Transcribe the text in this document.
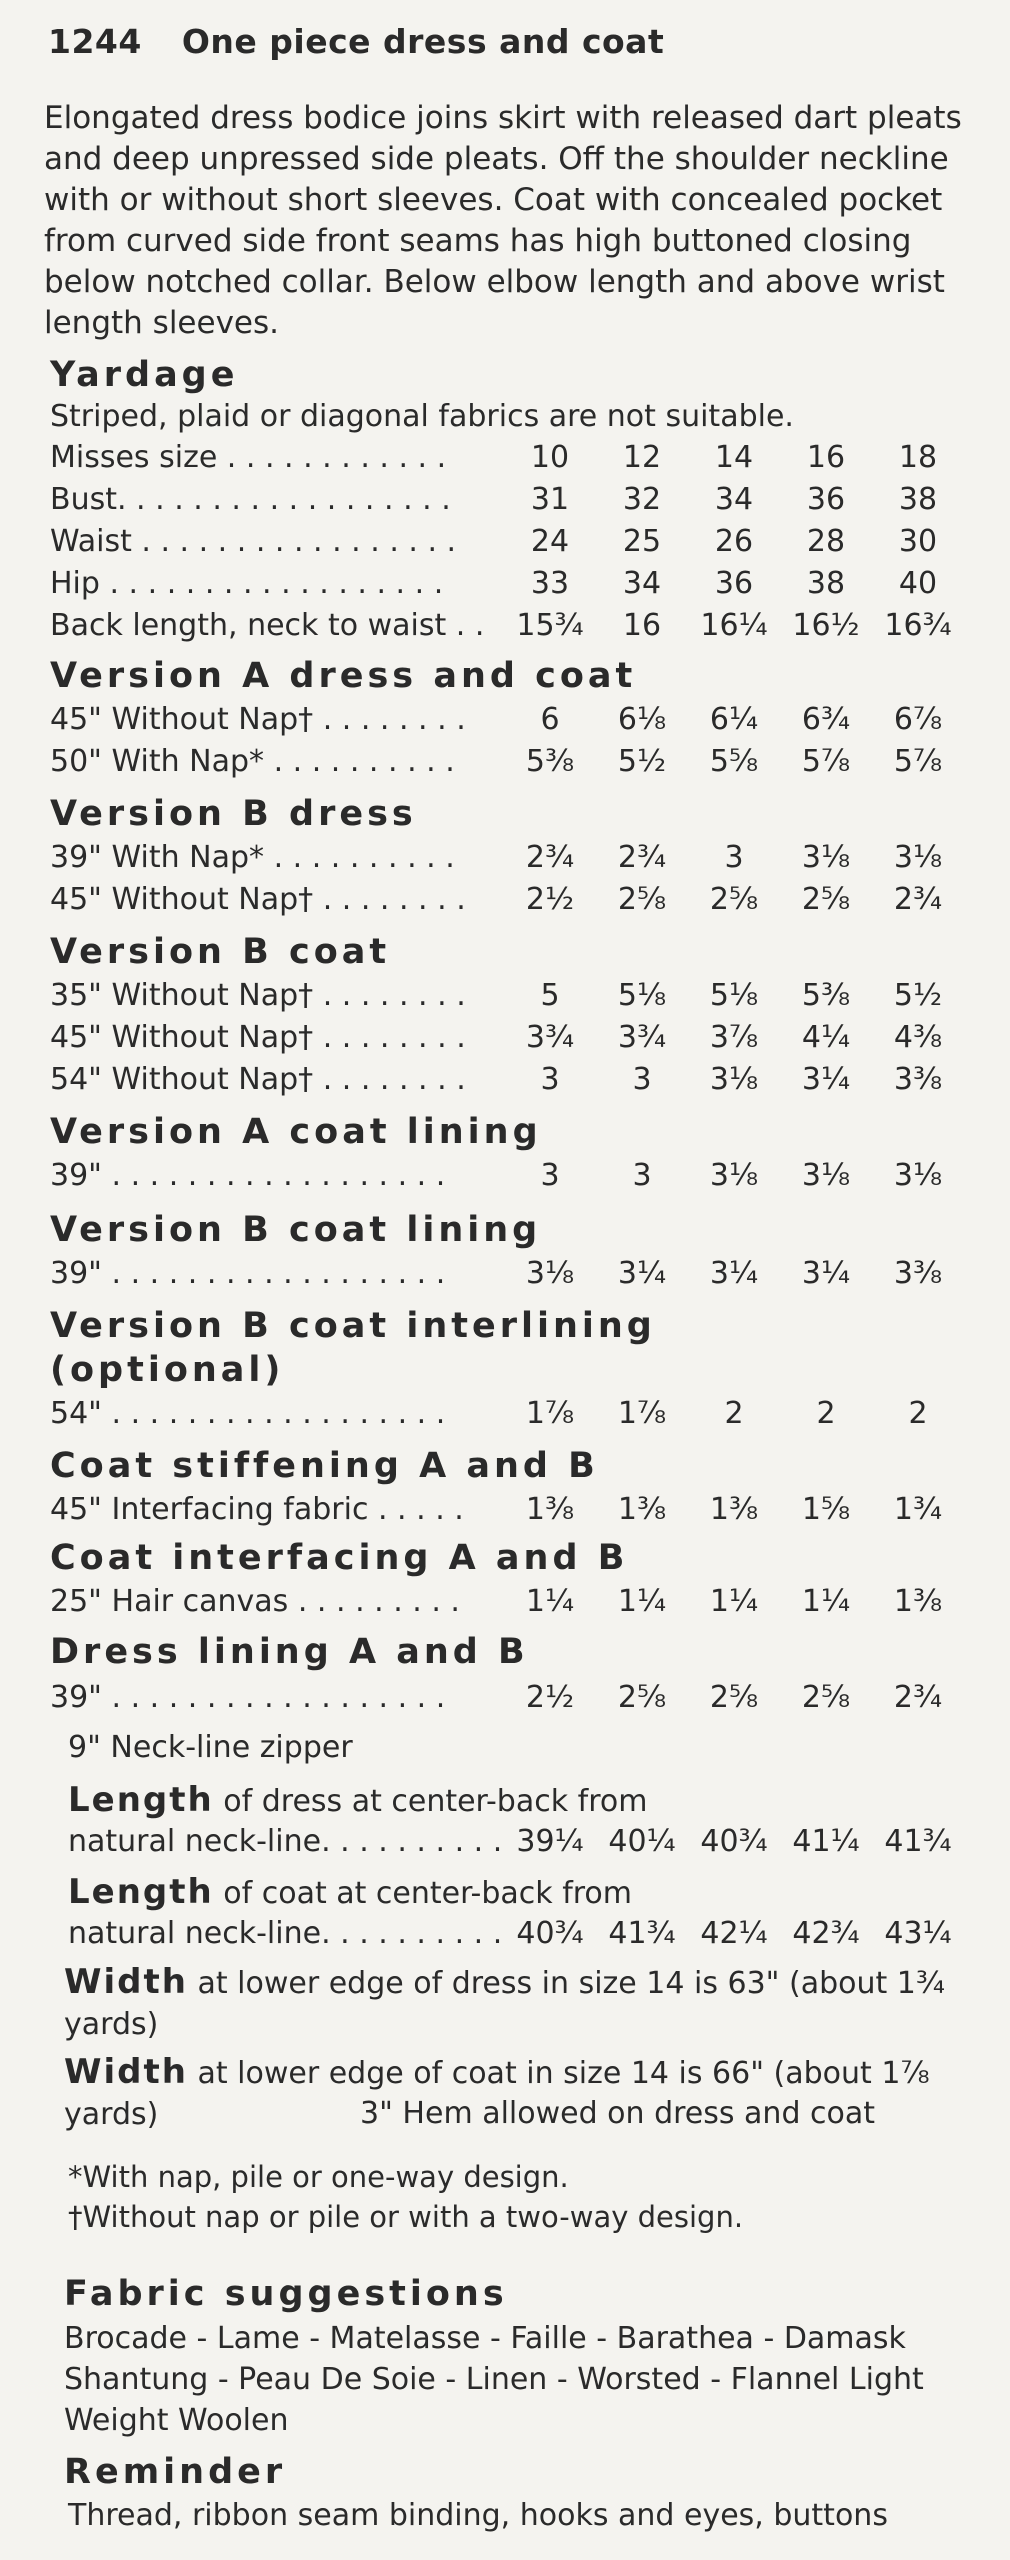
1244 One piece dress and coat

Elongated dress bodice joins skirt with released dart pleats and deep unpressed side pleats. Off the shoulder neckline with or without short sleeves. Coat with concealed pocket from curved side front seams has high buttoned closing below notched collar. Below elbow length and above wrist length sleeves.

Yardage
Striped, plaid or diagonal fabrics are not suitable.
Misses size . . . . . . . . . . . .	10	12	14	16	18
Bust. . . . . . . . . . . . . . . . . .	31	32	34	36	38
Waist . . . . . . . . . . . . . . . . .	24	25	26	28	30
Hip . . . . . . . . . . . . . . . . . .	33	34	36	38	40
Back length, neck to waist . .	15¾	16	16¼ 16½ 16¾
Version A dress and coat
45" Without Nap† . . . . . . . .	6	6⅛	6¼	6¾	6⅞
50" With Nap* . . . . . . . . . .	5⅜	5½	5⅝	5⅞	5⅞
Version B dress
39" With Nap* . . . . . . . . . .	2¾	2¾	3	3⅛	3⅛
45" Without Nap† . . . . . . . .	2½	2⅝	2⅝	2⅝	2¾
Version B coat
35" Without Nap† . . . . . . . .	5	5⅛	5⅛	5⅜	5½
45" Without Nap† . . . . . . . .	3¾	3¾	3⅞	4¼	4⅜
54" Without Nap† . . . . . . . .	3	3	3⅛	3¼	3⅜
Version A coat lining
39" . . . . . . . . . . . . . . . . . .	3	3	3⅛	3⅛	3⅛
Version B coat lining
39" . . . . . . . . . . . . . . . . . .	3⅛	3¼	3¼	3¼	3⅜
Version B coat interlining
(optional)
54" . . . . . . . . . . . . . . . . . .	1⅞	1⅞	2	2	2
Coat stiffening A and B
45" Interfacing fabric . . . . .	1⅜	1⅜	1⅜	1⅝	1¾
Coat interfacing A and B
25" Hair canvas . . . . . . . . .	1¼	1¼	1¼	1¼	1⅜
Dress lining A and B
39" . . . . . . . . . . . . . . . . . .	2½	2⅝	2⅝	2⅝	2¾
9" Neck-line zipper
Length of dress at center-back from
natural neck-line. . . . . . . . . . 39¼ 40¼ 40¾ 41¼ 41¾
Length of coat at center-back from
natural neck-line. . . . . . . . . . 40¾ 41¾ 42¼ 42¾ 43¼

Width at lower edge of dress in size 14 is 63" (about 1¾ yards)

Width at lower edge of coat in size 14 is 66" (about 1⅞ yards)	3" Hem allowed on dress and coat
*With nap, pile or one-way design.
†Without nap or pile or with a two-way design.
Fabric suggestions

Brocade - Lame - Matelasse - Faille - Barathea - Damask Shantung - Peau De Soie - Linen - Worsted - Flannel Light Weight Woolen

Reminder
Thread, ribbon seam binding, hooks and eyes, buttons
